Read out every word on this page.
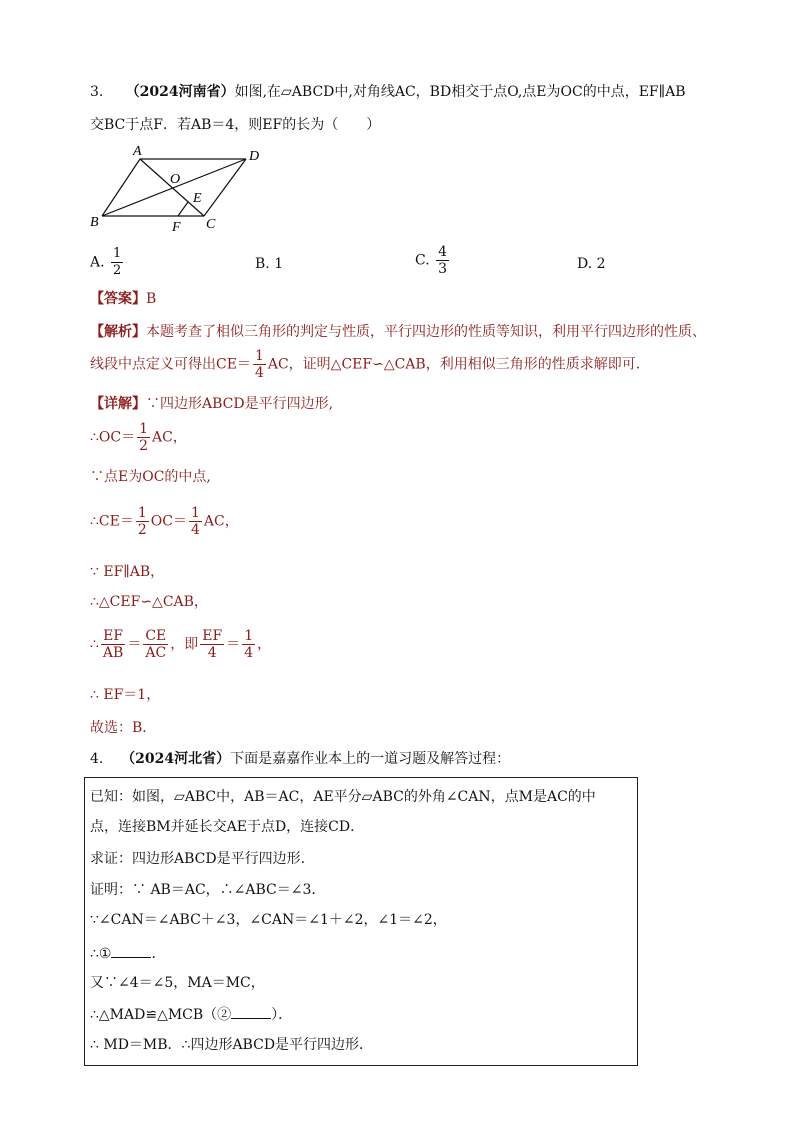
3. （2024河南省）如图,在▱ABCD中,对角线AC，BD相交于点O,点E为OC的中点，EF∥AB
交BC于点F．若AB＝4，则EF的长为（　　）
A	D
O
E
B	F C
A. $\frac{1}{2}$	B. 1	C. $\frac{4}{3}$	D. 2
【答案】B
【解析】本题考查了相似三角形的判定与性质，平行四边形的性质等知识，利用平行四边形的性质、
线段中点定义可得出$CE= \frac{1}{4}$ AC，证明△CEF∽△CAB，利用相似三角形的性质求解即可．
【详解】∵四边形ABCD是平行四边形,
∴OC＝ $\frac{1}{2}$ AC，
∵点E为OC的中点,
∴CE＝ $\frac{1}{2} OC= \frac{1}{4}$ AC，
∵ EF∥AB，
∴△CEF∽△CAB，
∴ $\frac{EF}{AB} = \frac{CE}{AC}$ ，即 $\frac{EF}{4} = \frac{1}{4}$ ，
∴ EF＝1，
故选：B．
4. （2024河北省）下面是嘉嘉作业本上的一道习题及解答过程：
已知：如图，▱ABC中，AB＝AC，AE平分▱ABC的外角∠CAN，点M是AC的中
点，连接BM并延长交AE于点D，连接CD．
求证：四边形ABCD是平行四边形．
证明：∵ AB＝AC，∴∠ABC＝∠3．
∵∠CAN＝∠ABC＋∠3，∠CAN＝∠1＋∠2，∠1＝∠2，
∴①	．
又∵∠4＝∠5，MA＝MC，
∴△MAD≌△MCB（②	）．
∴ MD＝MB．∴四边形ABCD是平行四边形．
